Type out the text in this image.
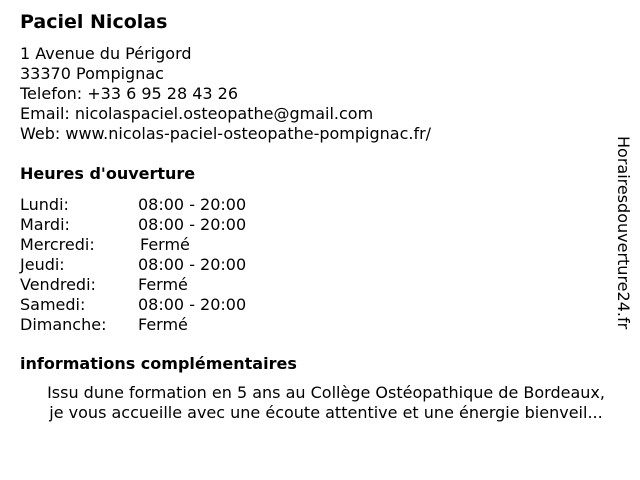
Paciel Nicolas
1 Avenue du Périgord
33370 Pompignac
Telefon: +33 6 95 28 43 26
Email: nicolaspaciel.osteopathe@gmail.com
Web: www.nicolas-paciel-osteopathe-pompignac.fr/
Heures d'ouverture
Lundi:	08:00 - 20:00
Mardi:	08:00 - 20:00
Mercredi:	Fermé
Jeudi:	08:00 - 20:00
Vendredi:	Fermé
Samedi:	08:00 - 20:00
Dimanche: Fermé
informations complémentaires
Issu dune formation en 5 ans au Collège Ostéopathique de Bordeaux,
je vous accueille avec une écoute attentive et une énergie bienveil...
Horairesdouverture24.fr
